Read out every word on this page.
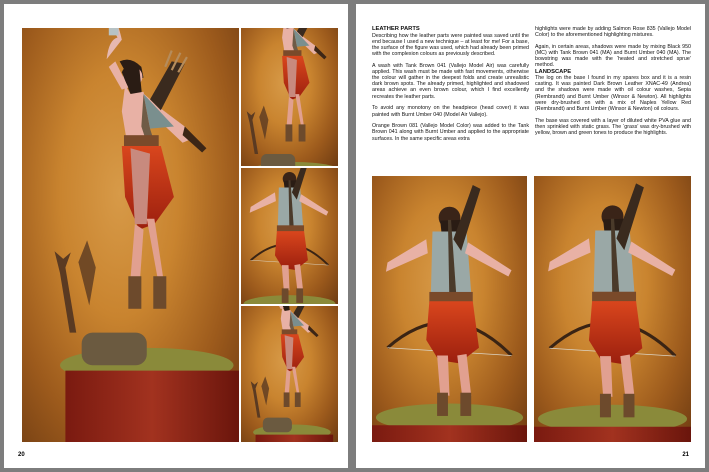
20
LEATHER PARTS

Describing how the leather parts were painted was saved until the end because I used a new technique – at least for me! For a base, the surface of the figure was used, which had already been primed with the complexion colours as previously described.

A wash with Tank Brown 041 (Vallejo Model Air) was carefully applied. This wash must be made with fast movements, otherwise the colour will gather in the deepest folds and create unrealistic dark brown spots. The already primed, highlighted and shadowed areas achieve an even brown colour, which I find excellently recreates the leather parts.

To avoid any monotony on the headpiece (head cover) it was painted with Burnt Umber 040 (Model Air Vallejo).

Orange Brown 081 (Vallejo Model Color) was added to the Tank Brown 041 along with Burnt Umber and applied to the appropriate surfaces. In the same specific areas extra

highlights were made by adding Salmon Rose 835 (Vallejo Model Color) to the aforementioned highlighting mixtures.

Again, in certain areas, shadows were made by mixing Black 950 (MC) with Tank Brown 041 (MA) and Burnt Umber 040 (MA). The bowstring was made with the ‘heated and stretched sprue’ method.

LANDSCAPE

The log on the base I found in my spares box and it is a resin casting. It was painted Dark Brown Leather XNAC-49 (Andrea) and the shadows were made with oil colour washes, Sepia (Rembrandt) and Burnt Umber (Winsor & Newton). All highlights were dry-brushed on with a mix of Naples Yellow Red (Rembrandt) and Burnt Umber (Winsor & Newton) oil colours.

The base was covered with a layer of diluted white PVA glue and then sprinkled with static grass. The ‘grass’ was dry-brushed with yellow, brown and green tones to produce the highlights.

21
